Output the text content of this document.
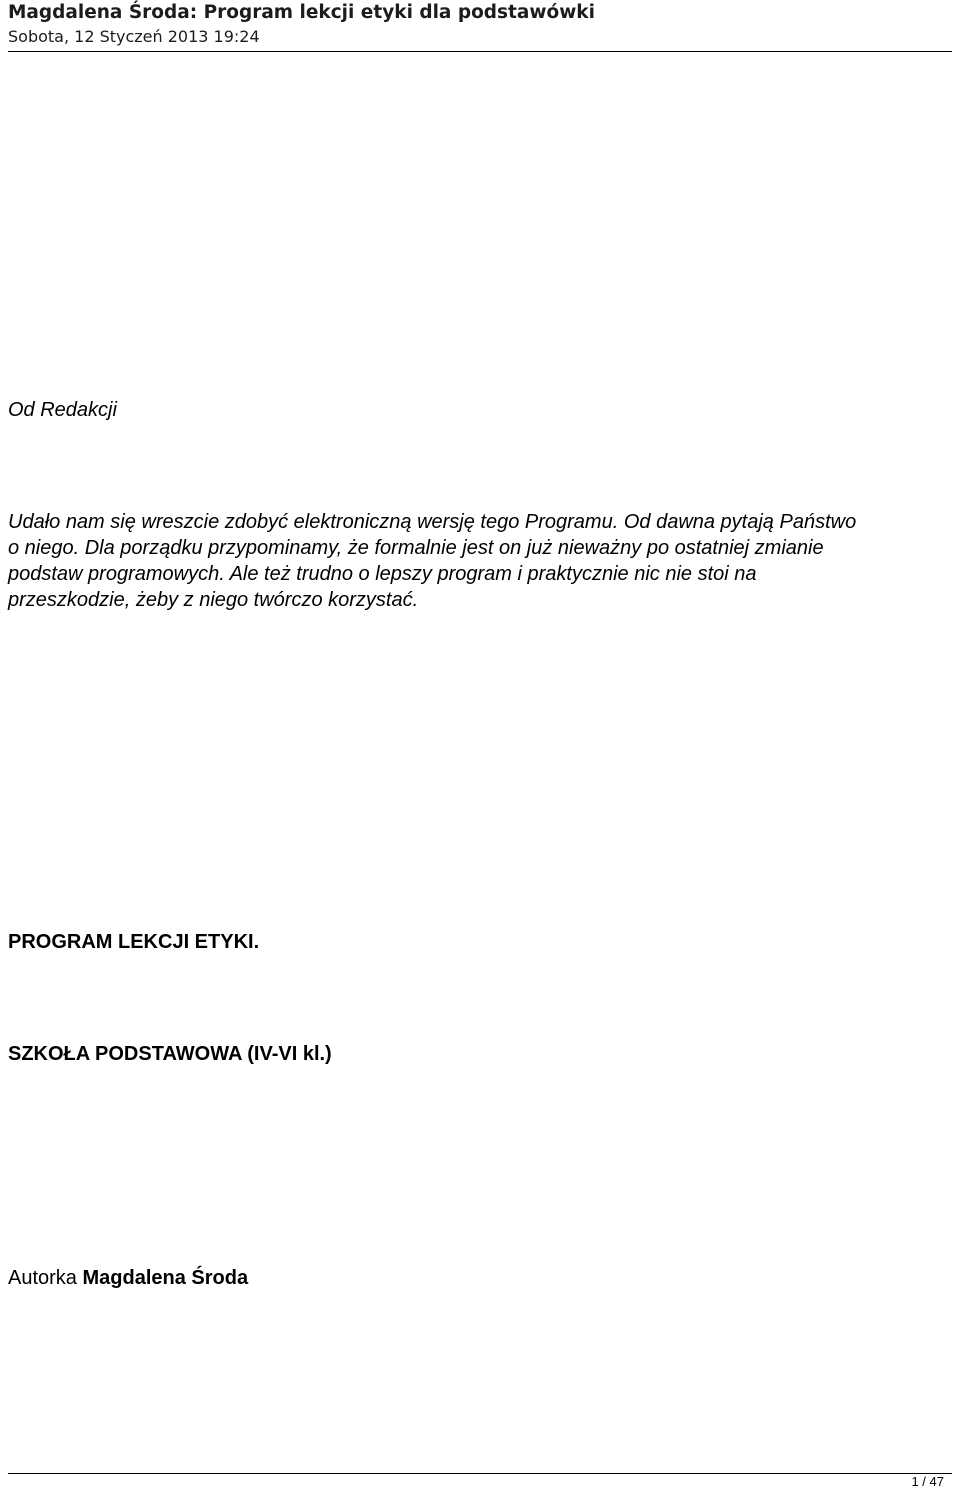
Magdalena Środa: Program lekcji etyki dla podstawówki
Sobota, 12 Styczeń 2013 19:24
Od Redakcji

Udało nam się wreszcie zdobyć elektroniczną wersję tego Programu. Od dawna pytają Państwo
o niego. Dla porządku przypominamy, że formalnie jest on już nieważny po ostatniej zmianie
podstaw programowych. Ale też trudno o lepszy program i praktycznie nic nie stoi na
przeszkodzie, żeby z niego twórczo korzystać.

PROGRAM LEKCJI ETYKI.
SZKOŁA PODSTAWOWA (IV-VI kl.)
Autorka Magdalena Środa
1 / 47
